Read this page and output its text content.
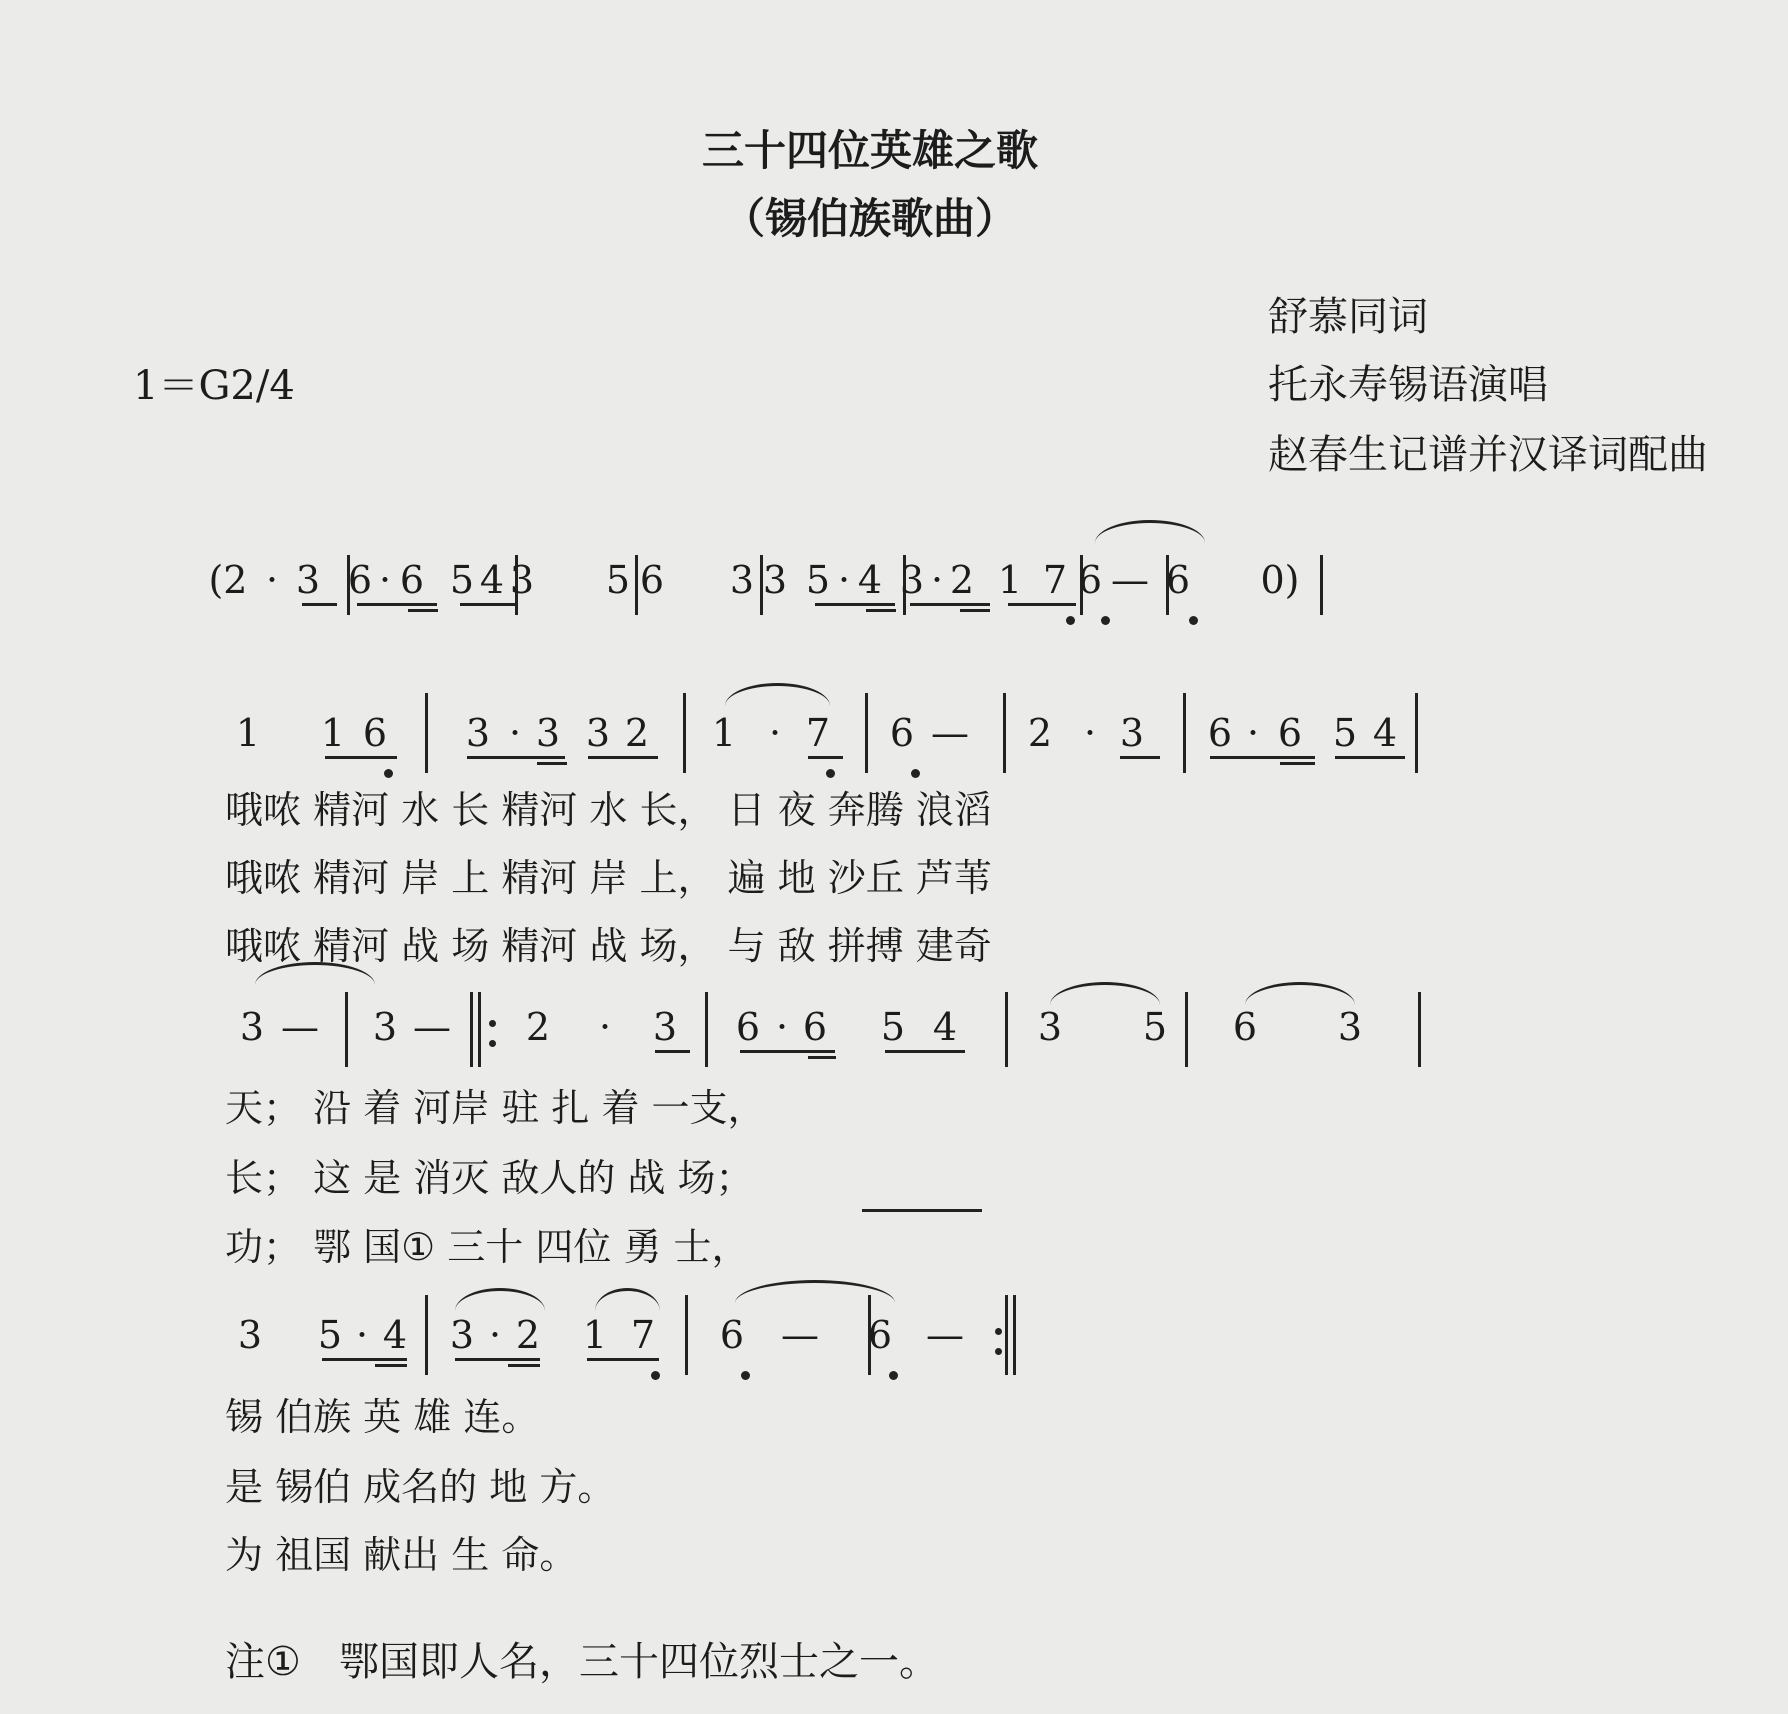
三十四位英雄之歌
（锡伯族歌曲）
舒慕同词
托永寿锡语演唱
赵春生记谱并汉译词配曲
1＝G2/4
(2 · 3 6 · 6 5 4 3 5 6 3 3 5 · 4 3 · 2 1 7 6 — 6 0)
1 1 6 3 · 3 3 2 1 · 7 6 — 2 · 3 6 · 6 5 4
哦哝 精河 水 长 精河 水 长， 日 夜 奔腾 浪滔
哦哝 精河 岸 上 精河 岸 上， 遍 地 沙丘 芦苇
哦哝 精河 战 场 精河 战 场， 与 敌 拼搏 建奇
3 — 3 — 2	·	3 6 · 6 5 4 3 5 6 3
天； 沿 着 河岸 驻 扎 着 一支，
长； 这 是 消灭 敌人的 战 场；
功； 鄂 国① 三十 四位 勇 士，
3 5 · 4 3 · 2 1 7 6 — 6 —
锡 伯族 英 雄 连。
是 锡伯 成名的 地 方。
为 祖国 献出 生 命。
注①   鄂国即人名，三十四位烈士之一。
